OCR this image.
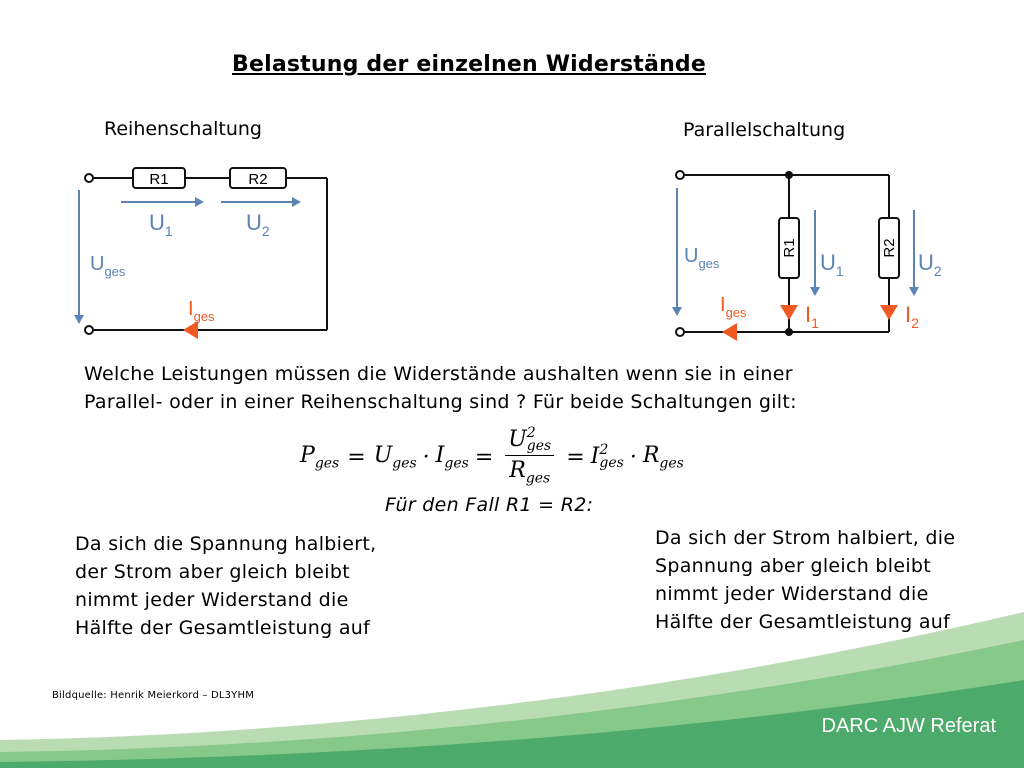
Belastung der einzelnen Widerstände
Reihenschaltung	Parallelschaltung
R1	R2
$U_1$	$U_2$
$U_{ges}$
$I_{ges}$
R1	R2
$I_1$	$I_2$
$U_1$	$U_2$
$U_{ges}$
$I_{ges}$
Welche Leistungen müssen die Widerstände aushalten wenn sie in einer
Parallel- oder in einer Reihenschaltung sind ? Für beide Schaltungen gilt:
$P_{ges} = U_{ges} \cdot I_{ges} = U$ 2
ges
$R_{ges} = I$ 2
ges · $R_{ges}$
Für den Fall R1 = R2:
Da sich die Spannung halbiert,
der Strom aber gleich bleibt
nimmt jeder Widerstand die
Hälfte der Gesamtleistung auf
Da sich der Strom halbiert, die
Spannung aber gleich bleibt
nimmt jeder Widerstand die
Hälfte der Gesamtleistung auf
Bildquelle: Henrik Meierkord – DL3YHM
DARC AJW Referat
